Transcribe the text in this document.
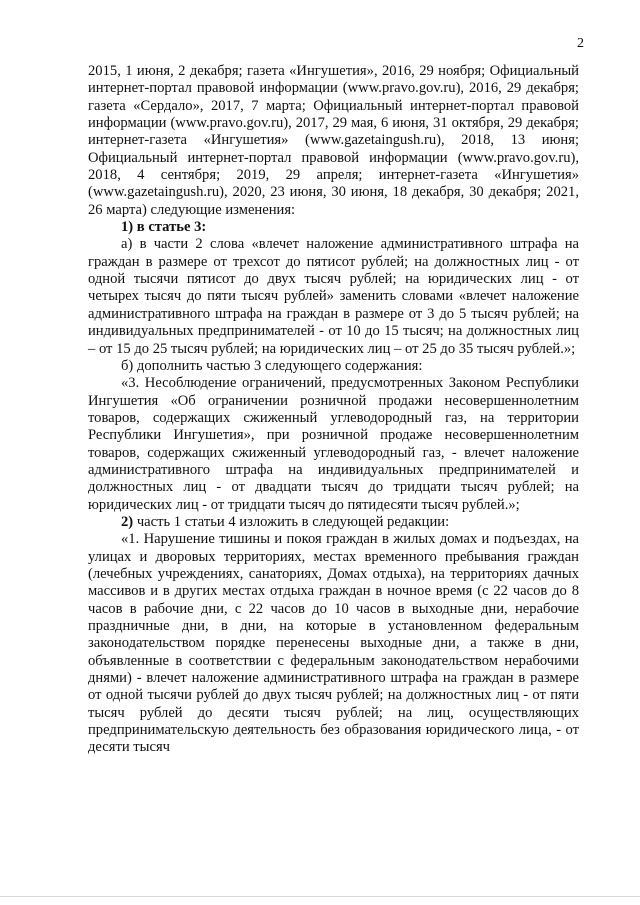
2

2015, 1 июня, 2 декабря; газета «Ингушетия», 2016, 29 ноября; Официальный интернет-портал правовой информации (www.pravo.gov.ru), 2016, 29 декабря; газета «Сердало», 2017, 7 марта; Официальный интернет-портал правовой информации (www.pravo.gov.ru), 2017, 29 мая, 6 июня, 31 октября, 29 декабря; интернет-газета «Ингушетия» (www.gazetaingush.ru), 2018, 13 июня; Официальный интернет-портал правовой информации (www.pravo.gov.ru), 2018, 4 сентября; 2019, 29 апреля; интернет-газета «Ингушетия» (www.gazetaingush.ru), 2020, 23 июня, 30 июня, 18 декабря, 30 декабря; 2021, 26 марта) следующие изменения:

1) в статье 3:

а) в части 2 слова «влечет наложение административного штрафа на граждан в размере от трехсот до пятисот рублей; на должностных лиц - от одной тысячи пятисот до двух тысяч рублей; на юридических лиц - от четырех тысяч до пяти тысяч рублей» заменить словами «влечет наложение административного штрафа на граждан в размере от 3 до 5 тысяч рублей; на индивидуальных предпринимателей - от 10 до 15 тысяч; на должностных лиц – от 15 до 25 тысяч рублей; на юридических лиц – от 25 до 35 тысяч рублей.»;

б) дополнить частью 3 следующего содержания:

«3. Несоблюдение ограничений, предусмотренных Законом Республики Ингушетия «Об ограничении розничной продажи несовершеннолетним товаров, содержащих сжиженный углеводородный газ, на территории Республики Ингушетия», при розничной продаже несовершеннолетним товаров, содержащих сжиженный углеводородный газ, - влечет наложение административного штрафа на индивидуальных предпринимателей и должностных лиц - от двадцати тысяч до тридцати тысяч рублей; на юридических лиц - от тридцати тысяч до пятидесяти тысяч рублей.»;

2) часть 1 статьи 4 изложить в следующей редакции:

«1. Нарушение тишины и покоя граждан в жилых домах и подъездах, на улицах и дворовых территориях, местах временного пребывания граждан (лечебных учреждениях, санаториях, Домах отдыха), на территориях дачных массивов и в других местах отдыха граждан в ночное время (с 22 часов до 8 часов в рабочие дни, с 22 часов до 10 часов в выходные дни, нерабочие праздничные дни, в дни, на которые в установленном федеральным законодательством порядке перенесены выходные дни, а также в дни, объявленные в соответствии с федеральным законодательством нерабочими днями) - влечет наложение административного штрафа на граждан в размере от одной тысячи рублей до двух тысяч рублей; на должностных лиц - от пяти тысяч рублей до десяти тысяч рублей; на лиц, осуществляющих предпринимательскую деятельность без образования юридического лица, - от десяти тысяч
